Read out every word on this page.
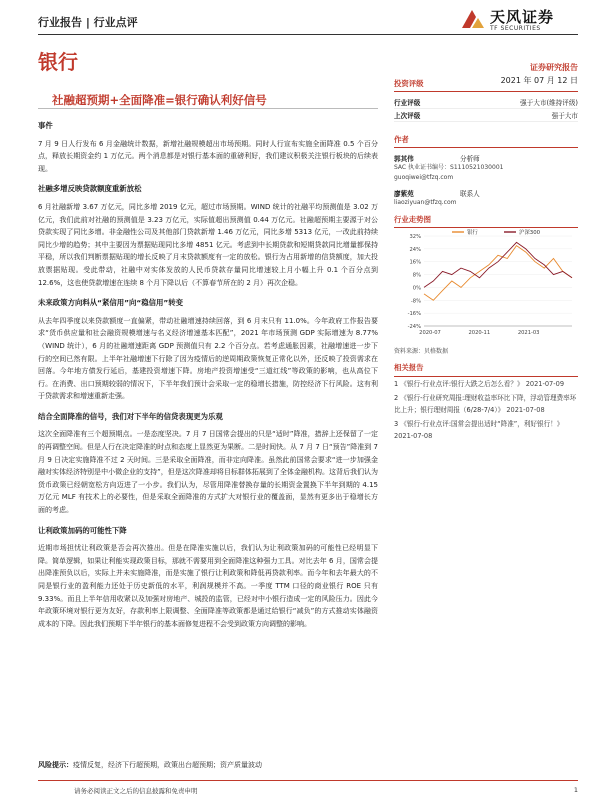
行业报告 | 行业点评	天风证券
TF SECURITIES
银行	证券研究报告
2021 年 07 月 12 日
社融超预期+全面降准=银行确认利好信号
事件
7 月 9 日人行发布 6 月金融统计数据，新增社融规模超出市场预期。同时人行宣布实施全面降准 0.5 个百分点，释放长期资金约 1 万亿元。两个消息都是对银行基本面的重磅利好，我们建议积极关注银行板块的后续表现。
社融多增反映贷款额度重新放松
6 月社融新增 3.67 万亿元，同比多增 2019 亿元，超过市场预期。WIND 统计的社融平均预测值是 3.02 万亿元，我们此前对社融的预测值是 3.23 万亿元，实际值超出预测值 0.44 万亿元。社融超预期主要源于对公贷款实现了同比多增。非金融性公司及其他部门贷款新增 1.46 万亿元，同比多增 5313 亿元，一改此前持续同比少增的趋势；其中主要因为票据贴现同比多增 4851 亿元。考虑到中长期贷款和短期贷款同比增量都保持平稳，所以我们判断票据贴现的增长反映了月末贷款额度有一定的放松。银行为占用新增的信贷额度，加大投放票据贴现。受此带动，社融中对实体发放的人民币贷款存量同比增速较上月小幅上升 0.1 个百分点到 12.6%，这也使贷款增速在连续 8 个月下降以后（不算春节所在的 2 月）再次企稳。
未来政策方向料从“紧信用”向“稳信用”转变
从去年四季度以来贷款额度一直偏紧，带动社融增速持续回落，到 6 月末只有 11.0%。今年政府工作报告要求“货币供应量和社会融资规模增速与名义经济增速基本匹配”，2021 年市场预测 GDP 实际增速为 8.77%（WIND 统计），6 月的社融增速距离 GDP 预测值只有 2.2 个百分点。若考虑通胀因素，社融增速进一步下行的空间已然有限。上半年社融增速下行除了因为疫情后的逆周期政策恢复正常化以外，还反映了投资需求在回落。今年地方债发行延后，基建投资增速下降。房地产投资增速受“三道红线”等政策的影响，也从高位下行。在消费、出口预期较弱的情况下，下半年我们预计会采取一定的稳增长措施，防控经济下行风险。这有利于贷款需求和增速重新走强。
结合全面降准的信号，我们对下半年的信贷表现更为乐观
这次全面降准有三个超预期点。一是态度坚决。7 月 7 日国常会提出的只是“适时”降准，措辞上还保留了一定的再调整空间。但是人行在决定降准的时点和态度上显然更为果断。二是时间快。从 7 月 7 日“预告”降准到 7 月 9 日决定实施降准不过 2 天时间。三是采取全面降准，而非定向降准。虽然此前国常会要求“进一步加强金融对实体经济特别是中小微企业的支持”，但是这次降准却将目标群体拓展到了全体金融机构。这背后我们认为货币政策已经朝宽松方向迈进了一小步。我们认为，尽管用降准替换存量的长期资金置换下半年到期的 4.15 万亿元 MLF 有技术上的必要性，但是采取全面降准的方式扩大对银行业的覆盖面，显然有更多出于稳增长方面的考虑。
让利政策加码的可能性下降
近期市场担忧让利政策是否会再次推出。但是在降准实施以后，我们认为让利政策加码的可能性已经明显下降。简单逻辑，如果让利能实现政策目标，那就不需要用到全面降准这种强力工具。对比去年 6 月，国常会提出降准预负以后，实际上并未实施降准，而是实施了银行让利政策和降低再贷款利率。而今年和去年最大的不同是银行业的盈利能力还处于历史新低的水平，利润规模并不高。一季度 TTM 口径的商业银行 ROE 只有 9.33%。而且上半年信用收紧以及加强对房地产、城投的监管，已经对中小银行造成一定的风险压力。因此今年政策环境对银行更为友好，存款利率上限调整、全面降准等政策都是通过给银行“减负”的方式推动实体融资成本的下降。因此我们预期下半年银行的基本面修复进程不会受到政策方向调整的影响。
风险提示：疫情反复，经济下行超预期，政策出台超预期；资产质量波动
投资评级
行业评级	强于大市(维持评级)
上次评级	强于大市
作者
郭其伟	分析师
SAC 执业证书编号：S1110521030001
guoqiwei@tfzq.com
廖紫苑	联系人
liaoziyuan@tfzq.com
行业走势图
32%
24%
16%
8%
0%
-8%
-16%
-24%
2020-07	2020-11	2021-03
银行	沪深300
资料来源：贝格数据
相关报告
1 《银行-行业点评:银行大跌之后怎么看？》 2021-07-09
2 《银行-行业研究周报:理财收益率环比下降，浮动管理费率环比上升；银行理财周报（6/28-7/4）》 2021-07-08
3 《银行-行业点评:国常会提出适时“降准”，利好银行！》 2021-07-08
请务必阅读正文之后的信息披露和免责申明	1
